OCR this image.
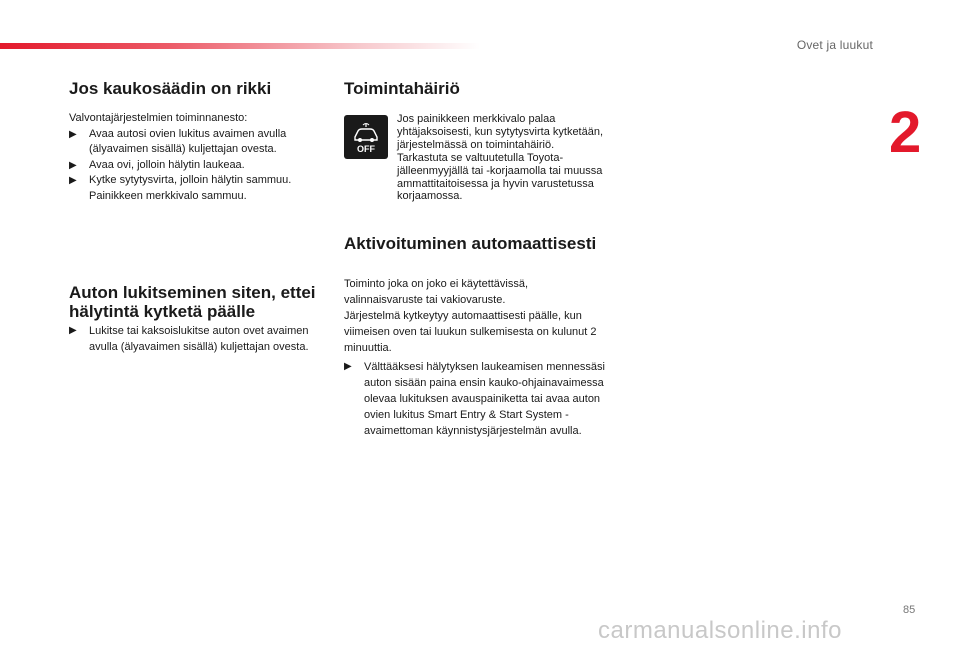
Ovet ja luukut
2
Jos kaukosäädin on rikki

Valvontajärjestelmien toiminnanesto:

▶︎ Avaa autosi ovien lukitus avaimen avulla (älyavaimen sisällä) kuljettajan ovesta.
▶︎ Avaa ovi, jolloin hälytin laukeaa.
▶︎ Kytke sytytysvirta, jolloin hälytin sammuu. Painikkeen merkkivalo sammuu.
Auton lukitseminen siten, ettei hälytintä kytketä päälle
▶︎ Lukitse tai kaksoislukitse auton ovet avaimen avulla (älyavaimen sisällä) kuljettajan ovesta.
Toimintahäiriö
OFF

Jos painikkeen merkkivalo palaa yhtäjaksoisesti, kun sytytysvirta kytketään, järjestelmässä on toimintahäiriö.

Tarkastuta se valtuutetulla Toyota-jälleenmyyjällä tai -korjaamolla tai muussa ammattitaitoisessa ja hyvin varustetussa korjaamossa.

Aktivoituminen automaattisesti

Toiminto joka on joko ei käytettävissä, valinnaisvaruste tai vakiovaruste.

Järjestelmä kytkeytyy automaattisesti päälle, kun viimeisen oven tai luukun sulkemisesta on kulunut 2 minuuttia.

▶︎ Välttääksesi hälytyksen laukeamisen mennessäsi auton sisään paina ensin kauko-ohjainavaimessa olevaa lukituksen avauspainiketta tai avaa auton ovien lukitus Smart Entry & Start System -avaimettoman käynnistysjärjestelmän avulla.
85
carmanualsonline.info
